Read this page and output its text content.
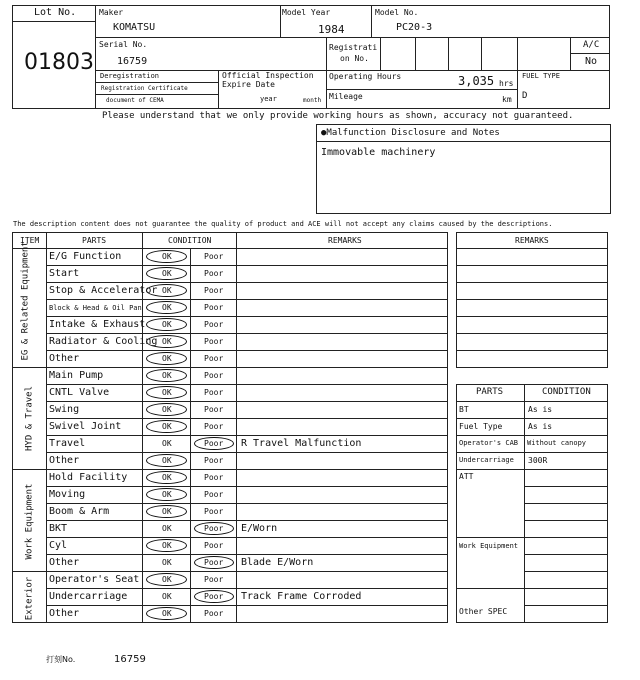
Lot No.
01803
Maker
KOMATSU
Model Year
1984
Model No.
PC20-3
Serial No.
16759
Registrati
on No.
A/C
No
Deregistration
Registration Certificate
document of CEMA
Official Inspection
Expire Date
year	month
Operating Hours	3,035 hrs
Mileage	km
FUEL TYPE
D
Please understand that we only provide working hours as shown, accuracy not guaranteed.
●Malfunction Disclosure and Notes
Immovable machinery
The description content does not guarantee the quality of product and ACE will not accept any claims caused by the descriptions.
ITEM	PARTS	CONDITION	REMARKS
E/G Function	OK	Poor
Start	OK	Poor
Stop & Accelerator OK	Poor
Block & Head & Oil Pan	OK	Poor
Intake & Exhaust OK	Poor
Radiator & Cooling OK	Poor
Other	OK	Poor
Main Pump	OK	Poor
CNTL Valve	OK	Poor
Swing	OK	Poor
Swivel Joint	OK	Poor
Travel	OK	Poor R Travel Malfunction
Other	OK	Poor
Hold Facility	OK	Poor
Moving	OK	Poor
Boom & Arm	OK	Poor
BKT	OK	Poor E/Worn
Cyl	OK	Poor
Other	OK	Poor Blade E/Worn
Operator's Seat	OK	Poor
Undercarriage	OK	Poor Track Frame Corroded
Other	OK	Poor
EG & Related Equipment
HYD & Travel
Work Equipment
Exterior
REMARKS
PARTS	CONDITION
BT	As is
Fuel Type	As is
Operator's CAB Without canopy
Undercarriage 300R
ATT
Work Equipment
Other SPEC
打刻No.	16759
